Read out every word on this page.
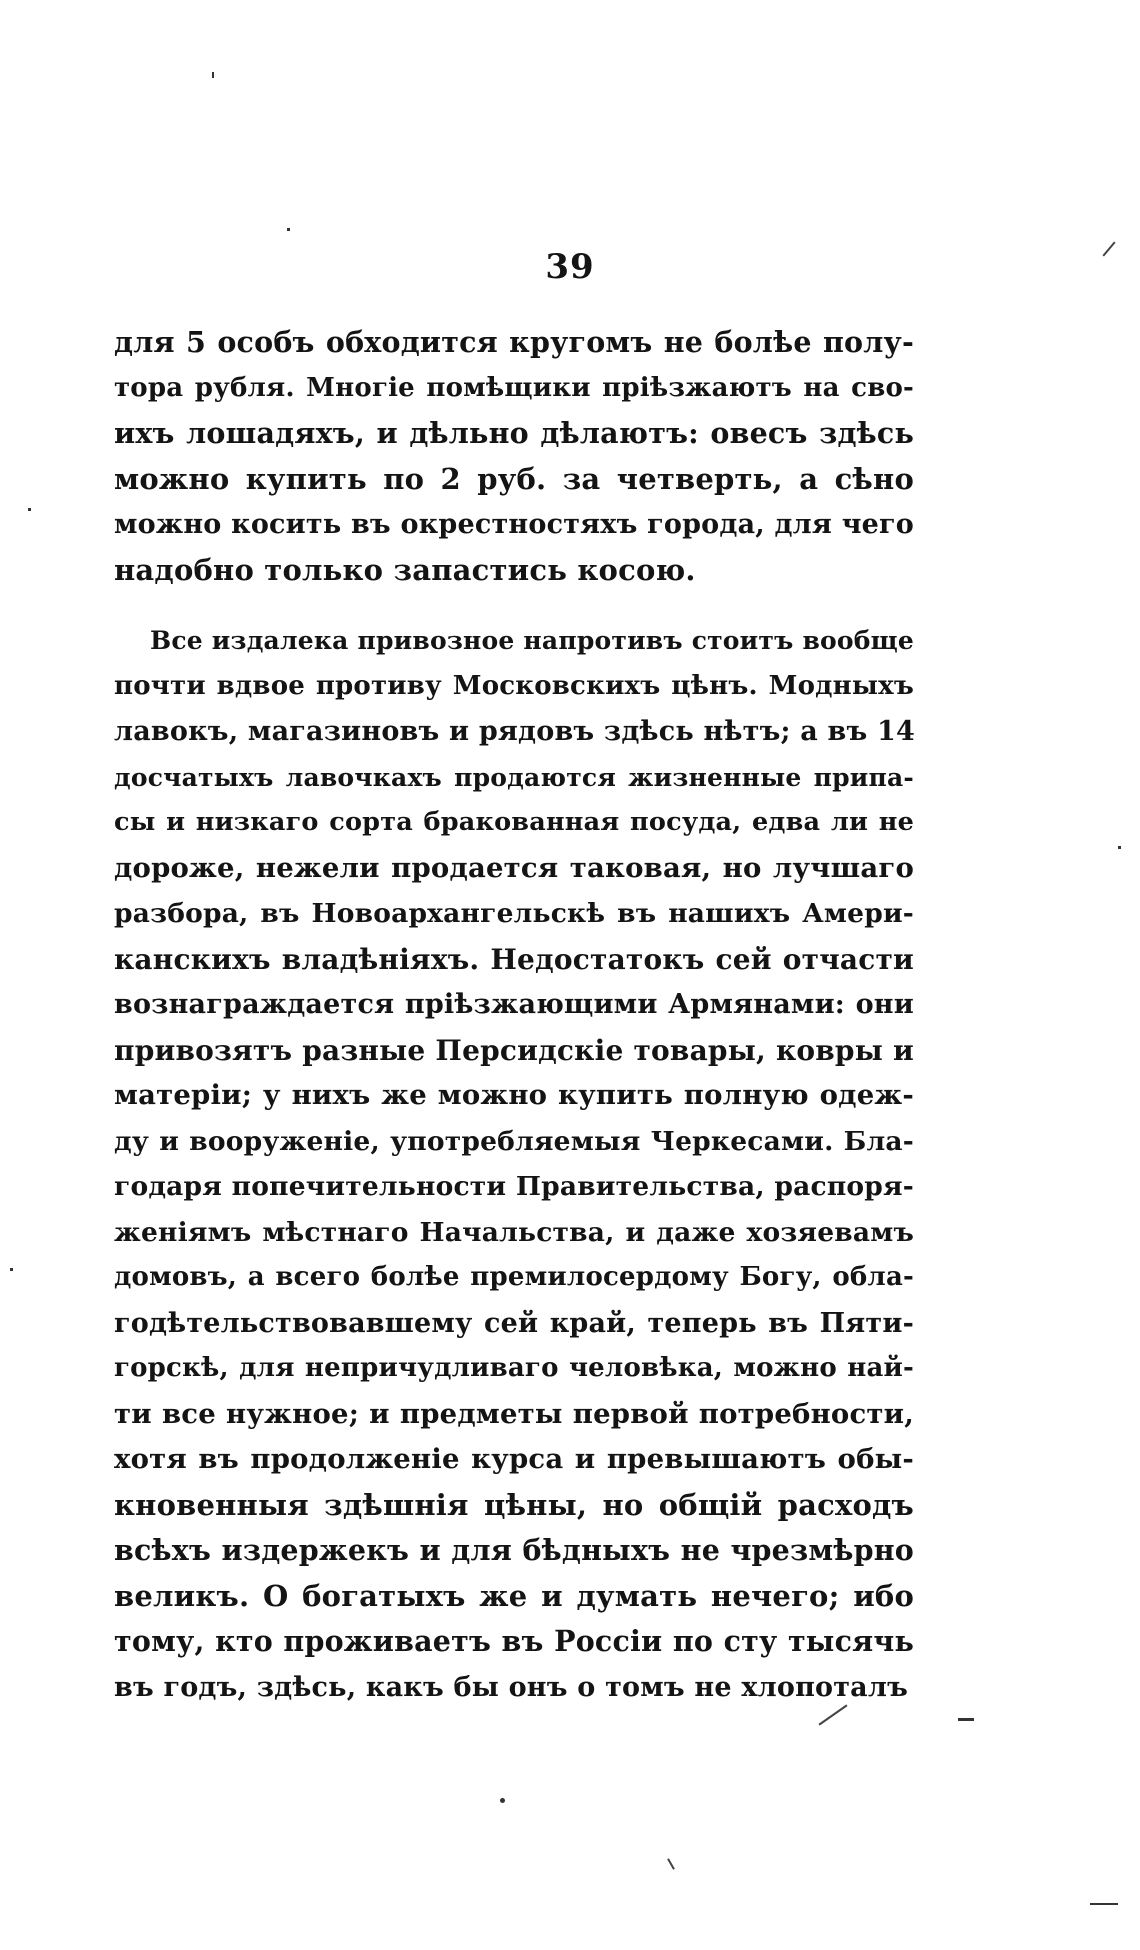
39
для 5 особъ обходится кругомъ не болѣе полу-
тора рубля. Многіе помѣщики пріѣзжаютъ на сво-
ихъ лошадяхъ, и дѣльно дѣлаютъ: овесъ здѣсь
можно купить по 2 руб. за четверть, а сѣно
можно косить въ окрестностяхъ города, для чего
надобно только запастись косою.
Все издалека привозное напротивъ стоитъ вообще
почти вдвое противу Московскихъ цѣнъ. Модныхъ
лавокъ, магазиновъ и рядовъ здѣсь нѣтъ; а въ 14
досчатыхъ лавочкахъ продаются жизненные припа-
сы и низкаго сорта бракованная посуда, едва ли не
дороже, нежели продается таковая, но лучшаго
разбора, въ Новоархангельскѣ въ нашихъ Амери-
канскихъ владѣніяхъ. Недостатокъ сей отчасти
вознаграждается пріѣзжающими Армянами: они
привозятъ разные Персидскіе товары, ковры и
матеріи; у нихъ же можно купить полную одеж-
ду и вооруженіе, употребляемыя Черкесами. Бла-
годаря попечительности Правительства, распоря-
женіямъ мѣстнаго Начальства, и даже хозяевамъ
домовъ, а всего болѣе премилосердому Богу, обла-
годѣтельствовавшему сей край, теперь въ Пяти-
горскѣ, для непричудливаго человѣка, можно най-
ти все нужное; и предметы первой потребности,
хотя въ продолженіе курса и превышаютъ обы-
кновенныя здѣшнія цѣны, но общій расходъ
всѣхъ издержекъ и для бѣдныхъ не чрезмѣрно
великъ. О богатыхъ же и думать нечего; ибо
тому, кто проживаетъ въ Россіи по сту тысячь
въ годъ, здѣсь, какъ бы онъ о томъ не хлопоталъ
